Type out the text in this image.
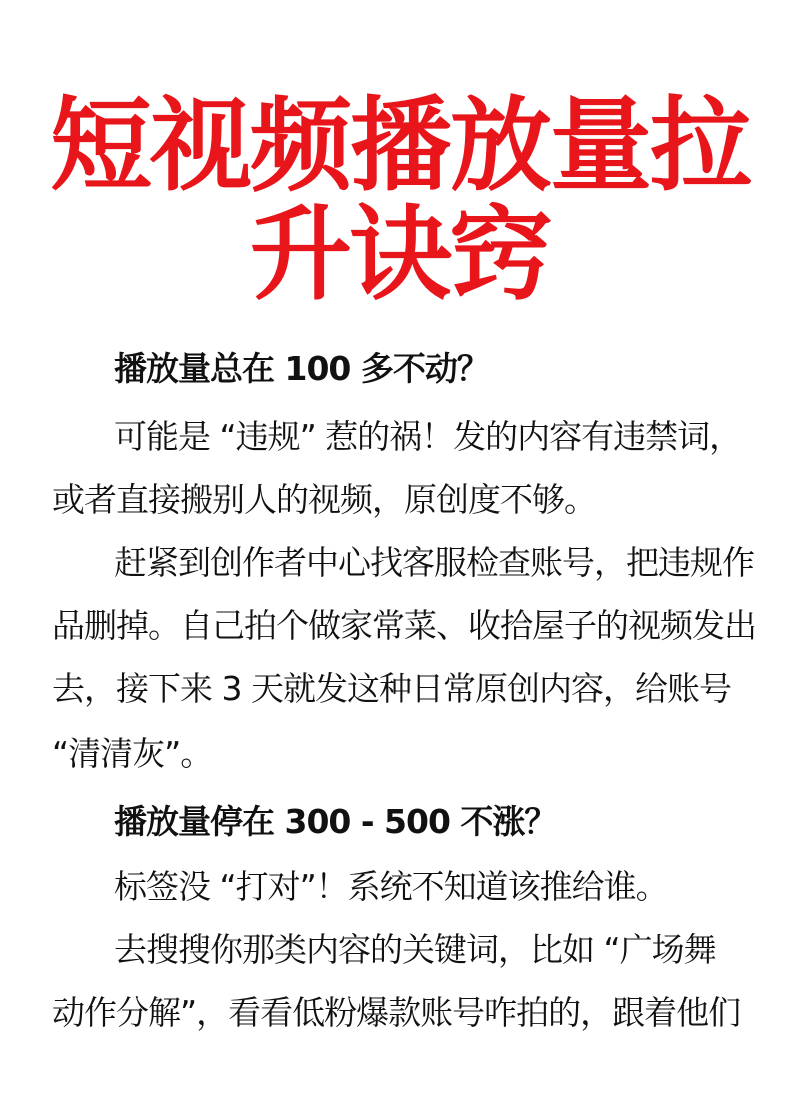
短视频播放量拉
升诀窍
播放量总在 100 多不动？
可能是 “违规” 惹的祸！发的内容有违禁词，
或者直接搬别人的视频，原创度不够。
赶紧到创作者中心找客服检查账号，把违规作
品删掉。自己拍个做家常菜、收拾屋子的视频发出
去，接下来 3 天就发这种日常原创内容，给账号
“清清灰”。
播放量停在 300 - 500 不涨？
标签没 “打对”！系统不知道该推给谁。
去搜搜你那类内容的关键词，比如 “广场舞
动作分解”，看看低粉爆款账号咋拍的，跟着他们
